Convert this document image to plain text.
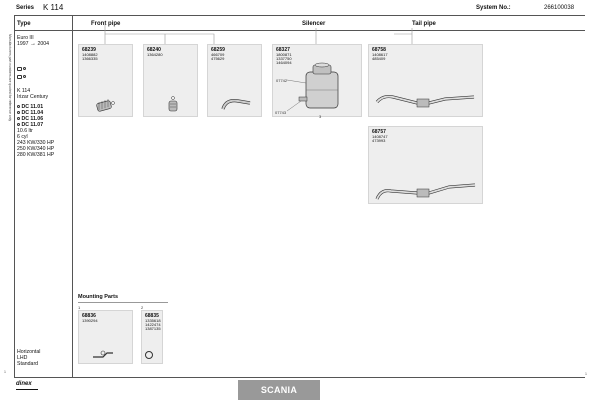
Series K 114	System No.:	266100038
Manufacturers part numbers are quoted for reference only
Type
Euro III
1997 → 2004
K 114
Irizar Century
DC 11.01
DC 11.04
DC 11.06
DC 11.07
10.6 ltr
6 cyl
243 KW/330 HP
250 KW/340 HP
280 KW/381 HP
Horizontal
LHD
Standard
Front pipe	Silencer	Tail pipe
68239
1408882
1366335
68240
1364280
68259
466709
475629
68327
1800871
1337750
1464094
07742
07743
3
68758
1408617
485409
68757
1408747
473993
Mounting Parts
1	2
68836
1390294
68835
1335618
1422474
1387135
1	1
dinex
SCANIA
